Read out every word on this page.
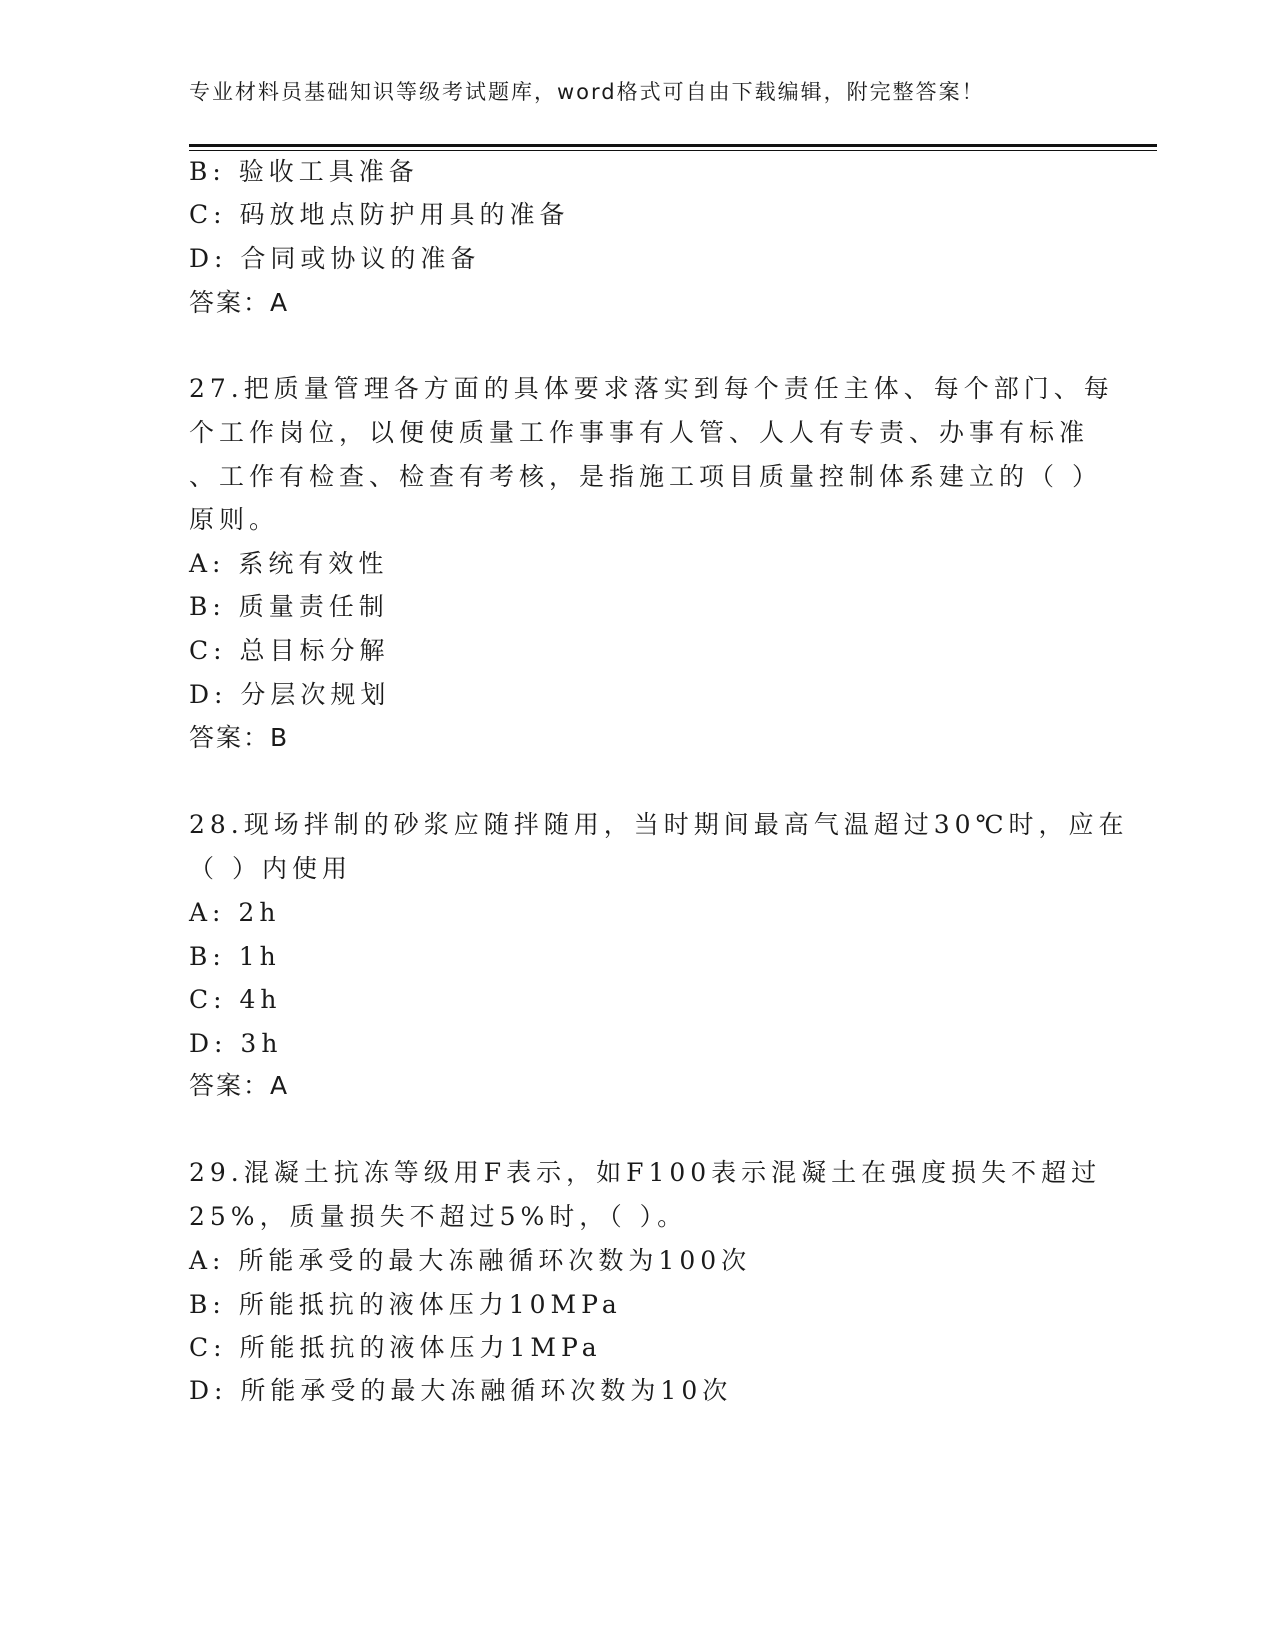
专业材料员基础知识等级考试题库，word格式可自由下载编辑，附完整答案！
B: 验收工具准备
C: 码放地点防护用具的准备
D: 合同或协议的准备
答案：A
27.把质量管理各方面的具体要求落实到每个责任主体、每个部门、每
个工作岗位，以便使质量工作事事有人管、人人有专责、办事有标准
、工作有检查、检查有考核，是指施工项目质量控制体系建立的（ ）
原则。
A: 系统有效性
B: 质量责任制
C: 总目标分解
D: 分层次规划
答案：B
28.现场拌制的砂浆应随拌随用，当时期间最高气温超过30℃时，应在
（ ）内使用
A: 2h
B: 1h
C: 4h
D: 3h
答案：A
29.混凝土抗冻等级用F表示，如F100表示混凝土在强度损失不超过
25%，质量损失不超过5%时，（ ）。
A: 所能承受的最大冻融循环次数为100次
B: 所能抵抗的液体压力10MPa
C: 所能抵抗的液体压力1MPa
D: 所能承受的最大冻融循环次数为10次
